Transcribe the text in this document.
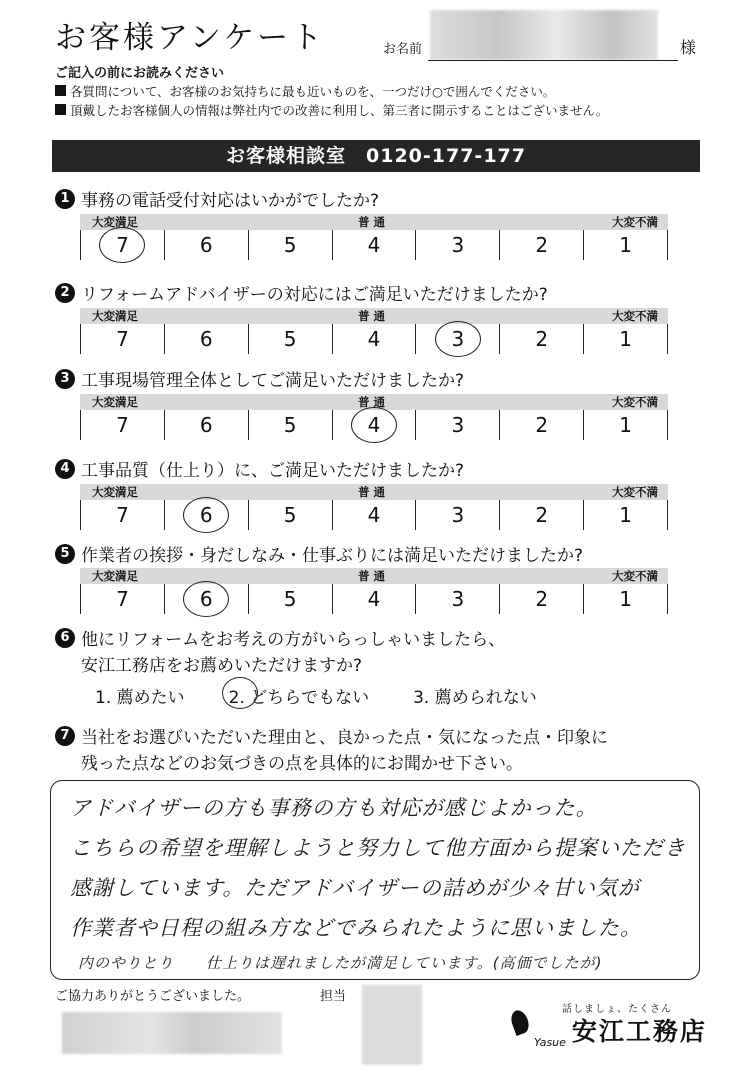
お客様アンケート	お名前	様
ご記入の前にお読みください
各質問について、お客様のお気持ちに最も近いものを、一つだけ○で囲んでください。
頂戴したお客様個人の情報は弊社内での改善に利用し、第三者に開示することはございません。
お客様相談室　0120-177-177
1 事務の電話受付対応はいかがでしたか?
大変満足	普 通	大変不満
7	6	5	4	3	2	1
2 リフォームアドバイザーの対応にはご満足いただけましたか?
大変満足	普 通	大変不満
7	6	5	4	3	2	1
3 工事現場管理全体としてご満足いただけましたか?
大変満足	普 通	大変不満
7	6	5	4	3	2	1
4 工事品質（仕上り）に、ご満足いただけましたか?
大変満足	普 通	大変不満
7	6	5	4	3	2	1
5 作業者の挨拶・身だしなみ・仕事ぶりには満足いただけましたか?
大変満足	普 通	大変不満
7	6	5	4	3	2	1
6 他にリフォームをお考えの方がいらっしゃいましたら、
安江工務店をお薦めいただけますか?
1. 薦めたい	2. どちらでもない	3. 薦められない
7 当社をお選びいただいた理由と、良かった点・気になった点・印象に
残った点などのお気づきの点を具体的にお聞かせ下さい。
アドバイザーの方も事務の方も対応が感じよかった。
こちらの希望を理解しようと努力して他方面から提案いただき
感謝しています。ただアドバイザーの詰めが少々甘い気が
作業者や日程の組み方などでみられたように思いました。
内のやりとり　　仕上りは遅れましたが満足しています。(高価でしたが)
ご協力ありがとうございました。	担当
話しましょ、たくさん
Yasue 安江工務店
